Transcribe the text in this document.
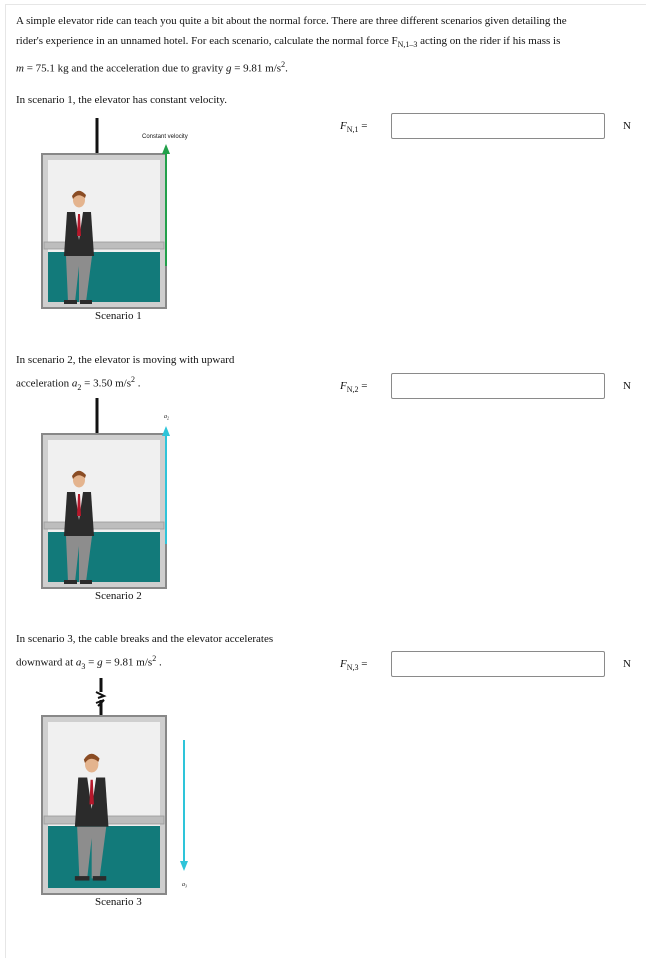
A simple elevator ride can teach you quite a bit about the normal force. There are three different scenarios given detailing the

rider's experience in an unnamed hotel. For each scenario, calculate the normal force $F_{N,1-3}$ acting on the rider if his mass is

m = 75.1 kg and the acceleration due to gravity g = 9.81 $m/s^2$.

In scenario 1, the elevator has constant velocity.
$F_{N,1}$ =	N
Constant velocity
Scenario 1
In scenario 2, the elevator is moving with upward
acceleration $a_2 = 3.50$ $m/s^2$ .	$F_{N,2}$ =	N
$a_2$
Scenario 2
In scenario 3, the cable breaks and the elevator accelerates
downward at $a_3 = g = 9.81$ $m/s^2$ .	$F_{N,3}$ =	N
$a_3$
Scenario 3
